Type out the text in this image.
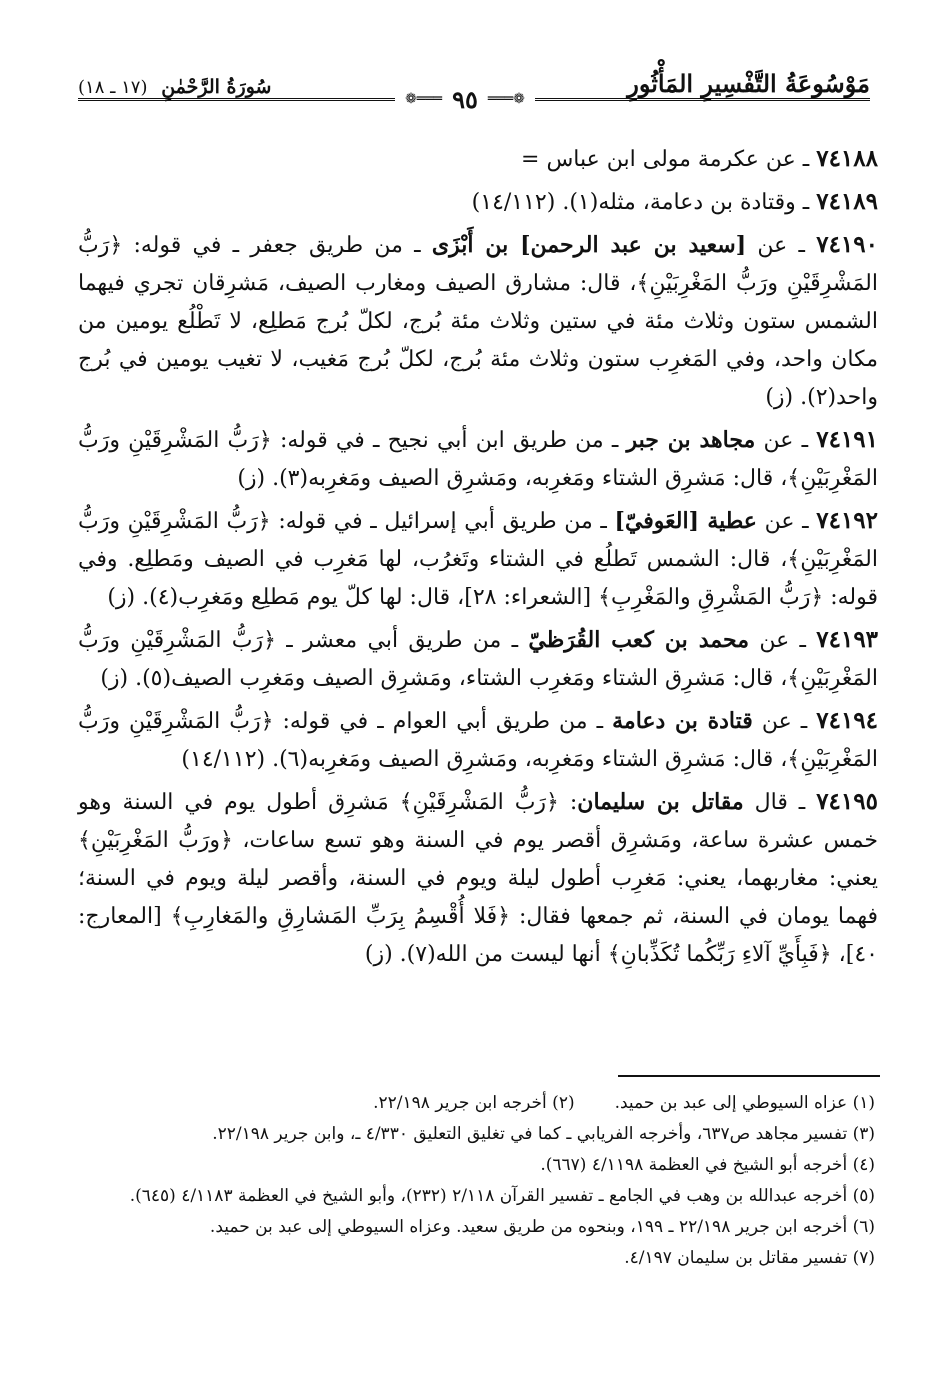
مَوْسُوعَةُ التَّفْسِيرِ المَأْثُورِ
سُورَةُ الرَّحْمٰنِ (١٧ ـ ١٨)
❁═══ ٩٥ ═══❁

٧٤١٨٨ ـ عن عكرمة مولى ابن عباس =

٧٤١٨٩ ـ وقتادة بن دعامة، مثله(١). (١٤/١١٢)

٧٤١٩٠ ـ عن [سعيد بن عبد الرحمن] بن أَبْزَى ـ من طريق جعفر ـ في قوله: ﴿رَبُّ المَشْرِقَيْنِ ورَبُّ المَغْرِبَيْنِ﴾، قال: مشارق الصيف ومغارب الصيف، مَشرِقان تجري فيهما الشمس ستون وثلاث مئة في ستين وثلاث مئة بُرج، لكلّ بُرج مَطلِع، لا تَطْلُع يومين من مكان واحد، وفي المَغرِب ستون وثلاث مئة بُرج، لكلّ بُرج مَغيب، لا تغيب يومين في بُرج واحد(٢). (ز)

٧٤١٩١ ـ عن مجاهد بن جبر ـ من طريق ابن أبي نجيح ـ في قوله: ﴿رَبُّ المَشْرِقَيْنِ ورَبُّ المَغْرِبَيْنِ﴾، قال: مَشرِق الشتاء ومَغرِبه، ومَشرِق الصيف ومَغرِبه(٣). (ز)

٧٤١٩٢ ـ عن عطية [العَوفيّ] ـ من طريق أبي إسرائيل ـ في قوله: ﴿رَبُّ المَشْرِقَيْنِ ورَبُّ المَغْرِبَيْنِ﴾، قال: الشمس تَطلُع في الشتاء وتَغرُب، لها مَغرِب في الصيف ومَطلِع. وفي قوله: ﴿رَبُّ المَشْرِقِ والمَغْرِبِ﴾ [الشعراء: ٢٨]، قال: لها كلّ يوم مَطلِع ومَغرِب(٤). (ز)

٧٤١٩٣ ـ عن محمد بن كعب القُرَظيّ ـ من طريق أبي معشر ـ ﴿رَبُّ المَشْرِقَيْنِ ورَبُّ المَغْرِبَيْنِ﴾، قال: مَشرِق الشتاء ومَغرِب الشتاء، ومَشرِق الصيف ومَغرِب الصيف(٥). (ز)

٧٤١٩٤ ـ عن قتادة بن دعامة ـ من طريق أبي العوام ـ في قوله: ﴿رَبُّ المَشْرِقَيْنِ ورَبُّ المَغْرِبَيْنِ﴾، قال: مَشرِق الشتاء ومَغرِبه، ومَشرِق الصيف ومَغرِبه(٦). (١٤/١١٢)

٧٤١٩٥ ـ قال مقاتل بن سليمان: ﴿رَبُّ المَشْرِقَيْنِ﴾ مَشرِق أطول يوم في السنة وهو خمس عشرة ساعة، ومَشرِق أقصر يوم في السنة وهو تسع ساعات، ﴿ورَبُّ المَغْرِبَيْنِ﴾ يعني: مغاربهما، يعني: مَغرِب أطول ليلة ويوم في السنة، وأقصر ليلة ويوم في السنة؛ فهما يومان في السنة، ثم جمعها فقال: ﴿فَلا أُقْسِمُ بِرَبِّ المَشارِقِ والمَغارِبِ﴾ [المعارج: ٤٠]، ﴿فَبِأَيِّ آلاءِ رَبِّكُما تُكَذِّبانِ﴾ أنها ليست من الله(٧). (ز)

(١) عزاه السيوطي إلى عبد بن حميد.

(٢) أخرجه ابن جرير ٢٢/١٩٨.

(٣) تفسير مجاهد ص٦٣٧، وأخرجه الفريابي ـ كما في تغليق التعليق ٤/٣٣٠ ـ، وابن جرير ٢٢/١٩٨.

(٤) أخرجه أبو الشيخ في العظمة ٤/١١٩٨ (٦٦٧).

(٥) أخرجه عبدالله بن وهب في الجامع ـ تفسير القرآن ٢/١١٨ (٢٣٢)، وأبو الشيخ في العظمة ٤/١١٨٣ (٦٤٥).

(٦) أخرجه ابن جرير ٢٢/١٩٨ ـ ١٩٩، وبنحوه من طريق سعيد. وعزاه السيوطي إلى عبد بن حميد.

(٧) تفسير مقاتل بن سليمان ٤/١٩٧.
